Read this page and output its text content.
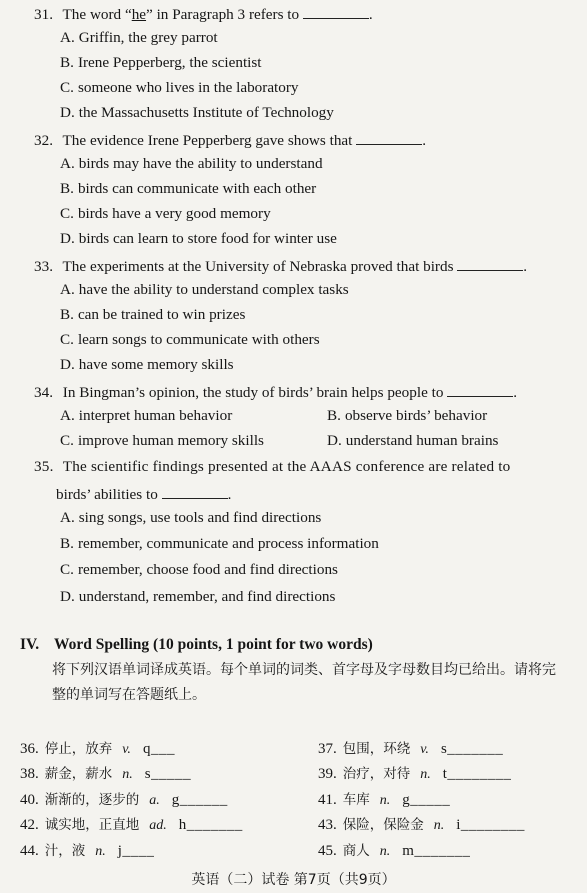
31. The word “he” in Paragraph 3 refers to	.
A. Griffin, the grey parrot
B. Irene Pepperberg, the scientist
C. someone who lives in the laboratory
D. the Massachusetts Institute of Technology
32. The evidence Irene Pepperberg gave shows that	.
A. birds may have the ability to understand
B. birds can communicate with each other
C. birds have a very good memory
D. birds can learn to store food for winter use
33. The experiments at the University of Nebraska proved that birds	.
A. have the ability to understand complex tasks
B. can be trained to win prizes
C. learn songs to communicate with others
D. have some memory skills
34. In Bingman’s opinion, the study of birds’ brain helps people to	.
A. interpret human behavior	B. observe birds’ behavior
C. improve human memory skills	D. understand human brains
35. The scientific findings presented at the AAAS conference are related to
birds’ abilities to	.
A. sing songs, use tools and find directions
B. remember, communicate and process information
C. remember, choose food and find directions
D. understand, remember, and find directions
IV. Word Spelling (10 points, 1 point for two words)
将下列汉语单词译成英语。每个单词的词类、首字母及字母数目均已给出。请将完
整的单词写在答题纸上。
36. 停止，放弃 v. q___	37. 包围，环绕 v. s_______
38. 薪金，薪水 n. s_____	39. 治疗，对待 n. t________
40. 渐渐的，逐步的 a. g______	41. 车库 n. g_____
42. 诚实地，正直地 ad. h_______	43. 保险，保险金 n. i________
44. 汁，液 n. j____	45. 商人 n. m_______
英语（二）试卷 第7页（共9页）
